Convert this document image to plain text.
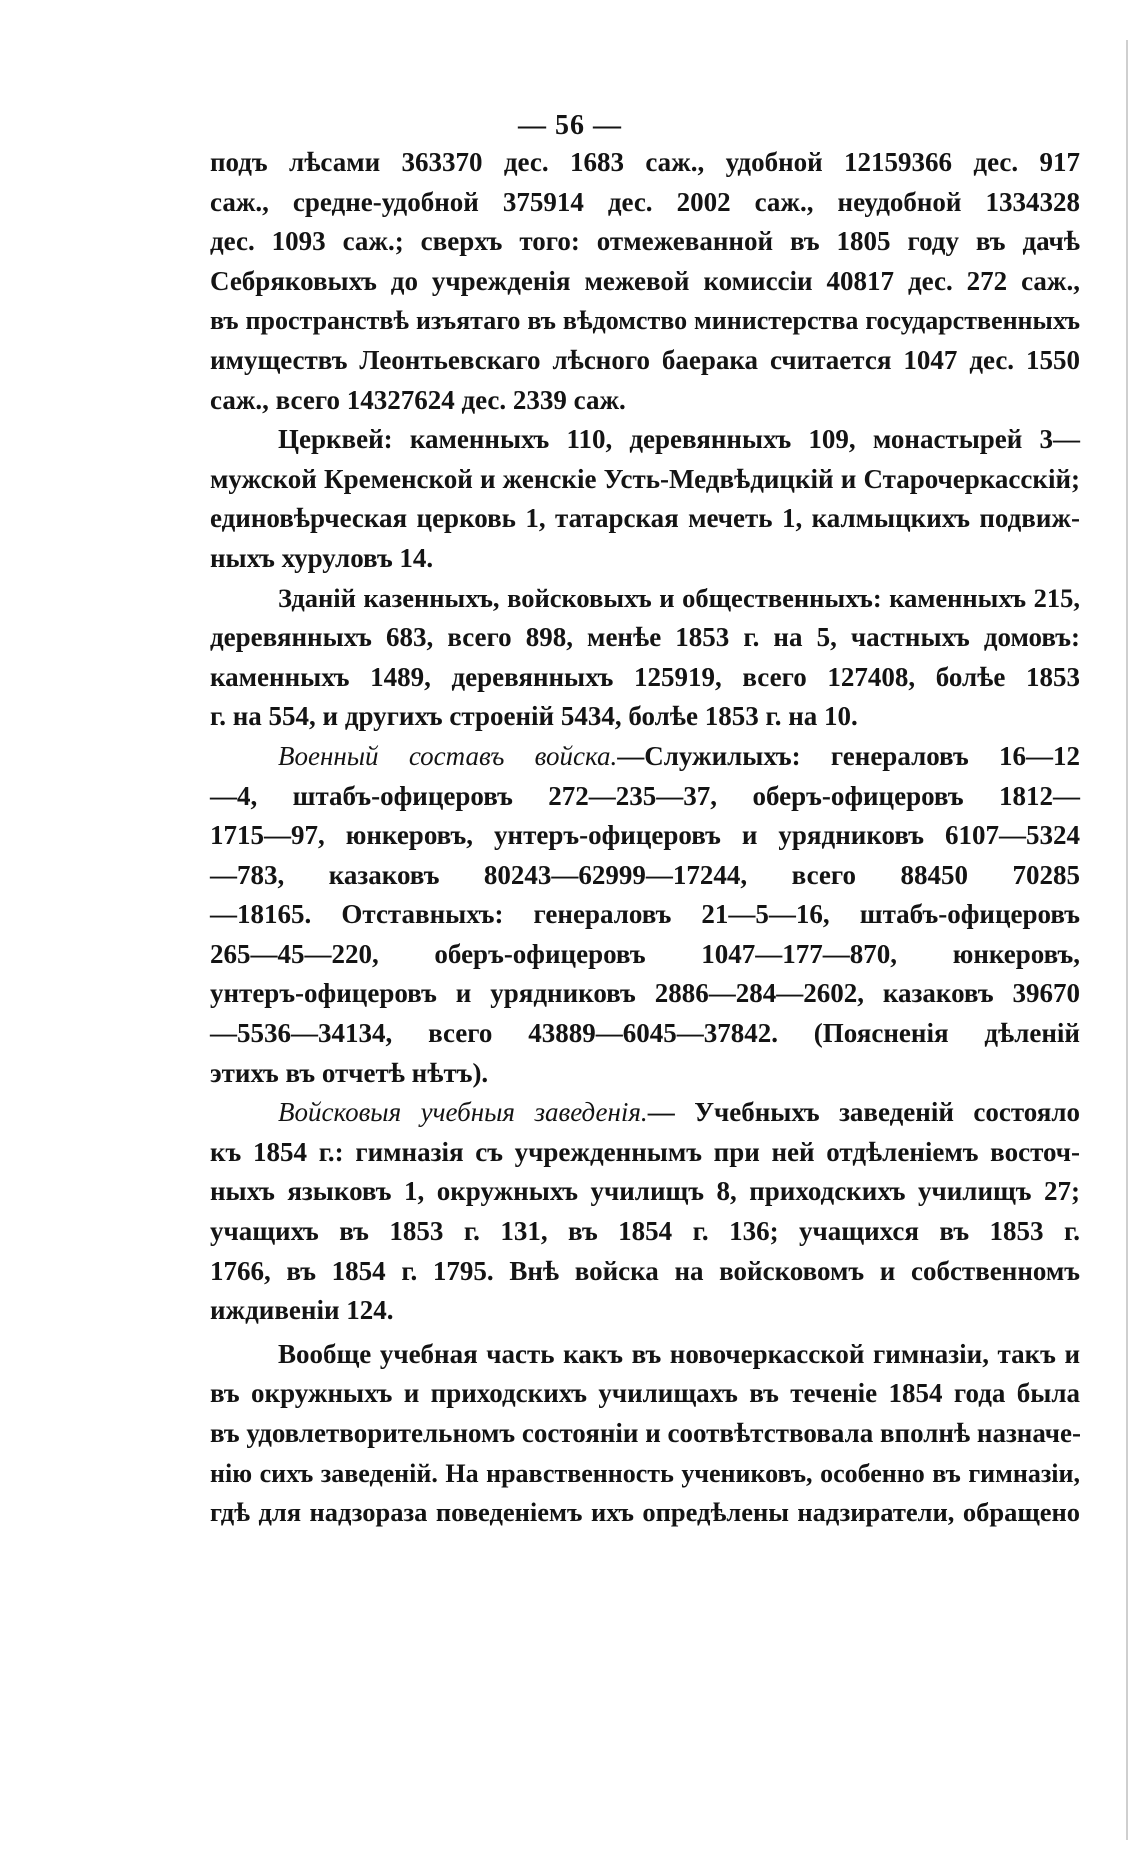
— 56 —
подъ лѣсами 363370 дес. 1683 саж., удобной 12159366 дес. 917
саж., средне-удобной 375914 дес. 2002 саж., неудобной 1334328
дес. 1093 саж.; сверхъ того: отмежеванной въ 1805 году въ дачѣ
Себряковыхъ до учрежденія межевой комиссіи 40817 дес. 272 саж.,
въ пространствѣ изъятаго въ вѣдомство министерства государственныхъ
имуществъ Леонтьевскаго лѣсного баерака считается 1047 дес. 1550
саж., всего 14327624 дес. 2339 саж.
Церквей: каменныхъ 110, деревянныхъ 109, монастырей 3—
мужской Кременской и женскіе Усть-Медвѣдицкій и Старочеркасскій;
единовѣрческая церковь 1, татарская мечеть 1, калмыцкихъ подвиж-
ныхъ хуруловъ 14.
Зданій казенныхъ, войсковыхъ и общественныхъ: каменныхъ 215,
деревянныхъ 683, всего 898, менѣе 1853 г. на 5, частныхъ домовъ:
каменныхъ 1489, деревянныхъ 125919, всего 127408, болѣе 1853
г. на 554, и другихъ строеній 5434, болѣе 1853 г. на 10.
Военный составъ войска.—Служилыхъ: генераловъ 16—12
—4, штабъ-офицеровъ 272—235—37, оберъ-офицеровъ 1812—
1715—97, юнкеровъ, унтеръ-офицеровъ и урядниковъ 6107—5324
—783, казаковъ 80243—62999—17244, всего 88450 70285
—18165. Отставныхъ: генераловъ 21—5—16, штабъ-офицеровъ
265—45—220, оберъ-офицеровъ 1047—177—870, юнкеровъ,
унтеръ-офицеровъ и урядниковъ 2886—284—2602, казаковъ 39670
—5536—34134, всего 43889—6045—37842. (Поясненія дѣленій
этихъ въ отчетѣ нѣтъ).
Войсковыя учебныя заведенія.— Учебныхъ заведеній состояло
къ 1854 г.: гимназія съ учрежденнымъ при ней отдѣленіемъ восточ-
ныхъ языковъ 1, окружныхъ училищъ 8, приходскихъ училищъ 27;
учащихъ въ 1853 г. 131, въ 1854 г. 136; учащихся въ 1853 г.
1766, въ 1854 г. 1795. Внѣ войска на войсковомъ и собственномъ
иждивеніи 124.
Вообще учебная часть какъ въ новочеркасской гимназіи, такъ и
въ окружныхъ и приходскихъ училищахъ въ теченіе 1854 года была
въ удовлетворительномъ состояніи и соотвѣтствовала вполнѣ назначе-
нію сихъ заведеній. На нравственность учениковъ, особенно въ гимназіи,
гдѣ для надзораза поведеніемъ ихъ опредѣлены надзиратели, обращено
